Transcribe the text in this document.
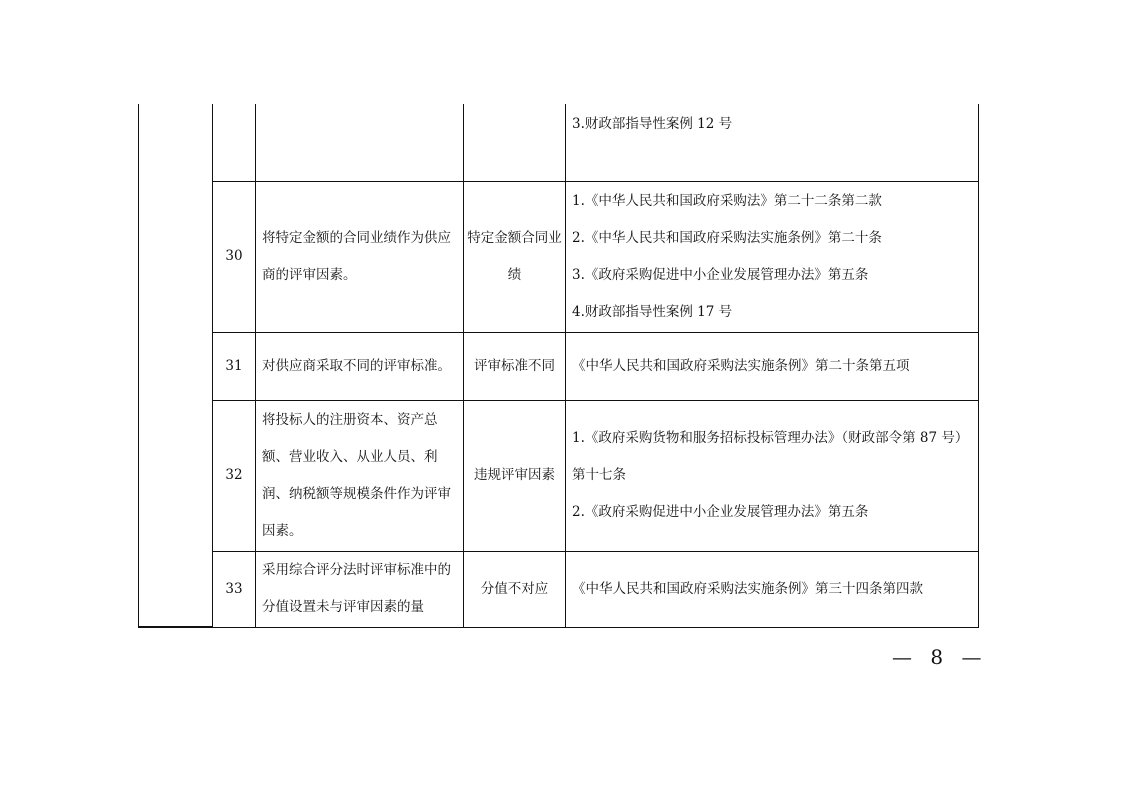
				3.财政部指导性案例 12 号

	30	将特定金额的合同业绩作为供应商的评审因素。	特定金额合同业绩	1.《中华人民共和国政府采购法》第二十二条第二款
2.《中华人民共和国政府采购法实施条例》第二十条
3.《政府采购促进中小企业发展管理办法》第五条
4.财政部指导性案例 17 号

	31	对供应商采取不同的评审标准。	评审标准不同	《中华人民共和国政府采购法实施条例》第二十条第五项

	32	将投标人的注册资本、资产总额、营业收入、从业人员、利润、纳税额等规模条件作为评审因素。	违规评审因素	1.《政府采购货物和服务招标投标管理办法》（财政部令第 87 号）
第十七条
2.《政府采购促进中小企业发展管理办法》第五条

	33	采用综合评分法时评审标准中的分值设置未与评审因素的量	分值不对应	《中华人民共和国政府采购法实施条例》第三十四条第四款
— 8 —
